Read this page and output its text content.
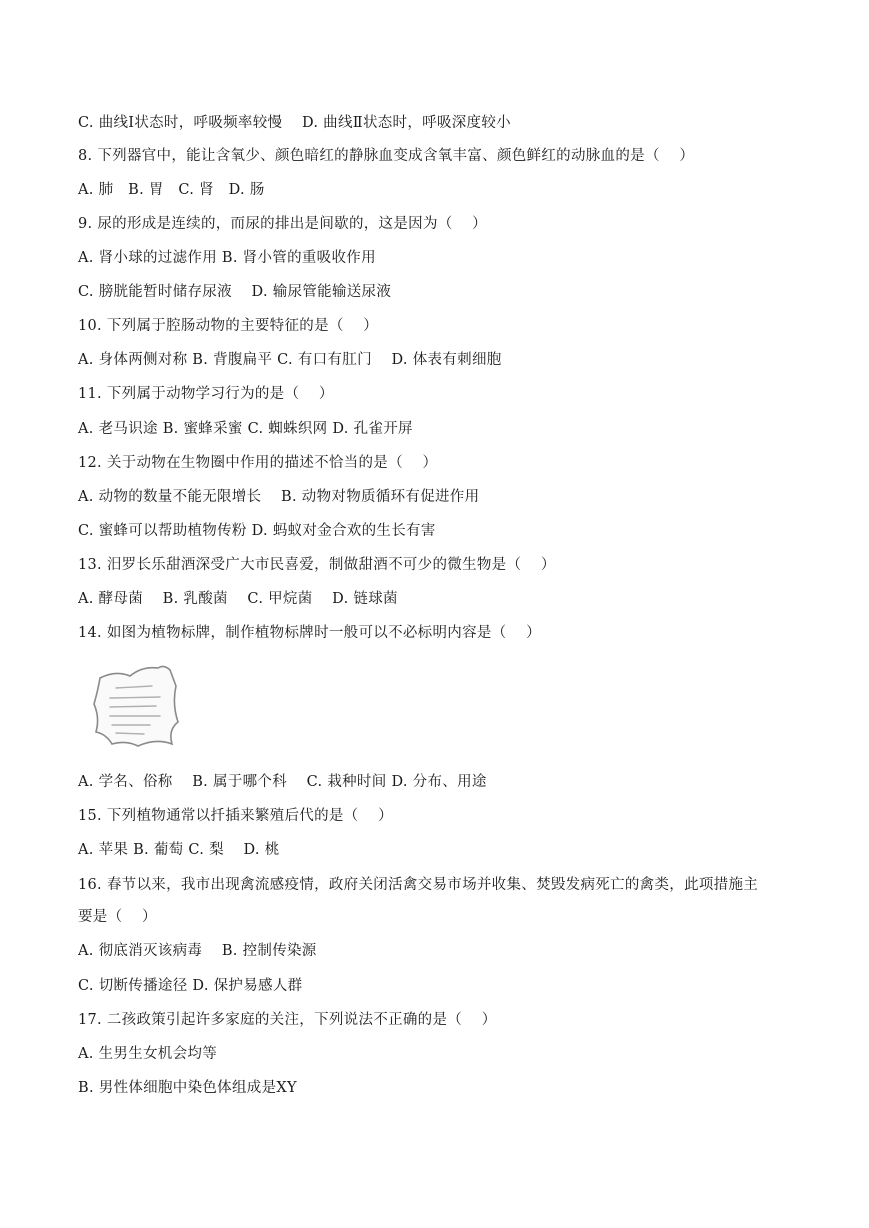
C. 曲线Ⅰ状态时，呼吸频率较慢    D. 曲线Ⅱ状态时，呼吸深度较小
8. 下列器官中，能让含氧少、颜色暗红的静脉血变成含氧丰富、颜色鲜红的动脉血的是（    ）
A. 肺   B. 胃   C. 肾   D. 肠
9. 尿的形成是连续的，而尿的排出是间歇的，这是因为（    ）
A. 肾小球的过滤作用 B. 肾小管的重吸收作用
C. 膀胱能暂时储存尿液    D. 输尿管能输送尿液
10. 下列属于腔肠动物的主要特征的是（    ）
A. 身体两侧对称 B. 背腹扁平 C. 有口有肛门    D. 体表有刺细胞
11. 下列属于动物学习行为的是（    ）
A. 老马识途 B. 蜜蜂采蜜 C. 蜘蛛织网 D. 孔雀开屏
12. 关于动物在生物圈中作用的描述不恰当的是（    ）
A. 动物的数量不能无限增长    B. 动物对物质循环有促进作用
C. 蜜蜂可以帮助植物传粉 D. 蚂蚁对金合欢的生长有害
13. 汨罗长乐甜酒深受广大市民喜爱，制做甜酒不可少的微生物是（    ）
A. 酵母菌    B. 乳酸菌    C. 甲烷菌    D. 链球菌
14. 如图为植物标牌，制作植物标牌时一般可以不必标明内容是（    ）
A. 学名、俗称    B. 属于哪个科    C. 栽种时间 D. 分布、用途
15. 下列植物通常以扦插来繁殖后代的是（    ）
A. 苹果 B. 葡萄 C. 梨    D. 桃
16. 春节以来，我市出现禽流感疫情，政府关闭活禽交易市场并收集、焚毁发病死亡的禽类，此项措施主
要是（    ）
A. 彻底消灭该病毒    B. 控制传染源
C. 切断传播途径 D. 保护易感人群
17. 二孩政策引起许多家庭的关注，下列说法不正确的是（    ）
A. 生男生女机会均等
B. 男性体细胞中染色体组成是XY
